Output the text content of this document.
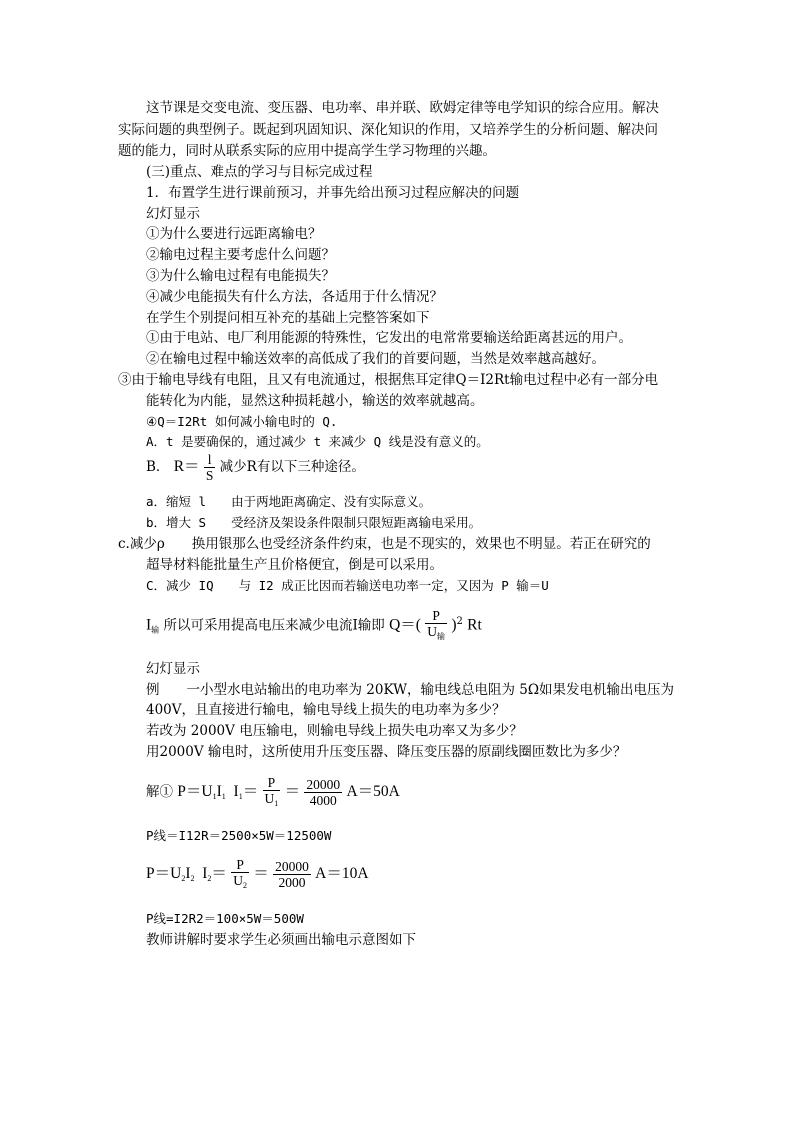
这节课是交变电流、变压器、电功率、串并联、欧姆定律等电学知识的综合应用。解决
实际问题的典型例子。既起到巩固知识、深化知识的作用，又培养学生的分析问题、解决问
题的能力，同时从联系实际的应用中提高学生学习物理的兴趣。
(三)重点、难点的学习与目标完成过程
1．布置学生进行课前预习，并事先给出预习过程应解决的问题
幻灯显示
①为什么要进行远距离输电？
②输电过程主要考虑什么问题？
③为什么输电过程有电能损失？
④减少电能损失有什么方法，各适用于什么情况？
在学生个别提问相互补充的基础上完整答案如下
①由于电站、电厂利用能源的特殊性，它发出的电常常要输送给距离甚远的用户。
②在输电过程中输送效率的高低成了我们的首要问题，当然是效率越高越好。
③由于输电导线有电阻，且又有电流通过，根据焦耳定律Q＝I2Rt输电过程中必有一部分电
能转化为内能，显然这种损耗越小，输送的效率就越高。
④Q＝I2Rt 如何减小输电时的 Q.
A．t 是要确保的，通过减少 t 来减少 Q 线是没有意义的。
B． $R= \frac{l}{S}$ 减少R有以下三种途径。
a．缩短 l　　由于两地距离确定、没有实际意义。
b．增大 S　　受经济及架设条件限制只限短距离输电采用。
c.减少ρ　　换用银那么也受经济条件约束，也是不现实的，效果也不明显。若正在研究的
超导材料能批量生产且价格便宜，倒是可以采用。
C．减少 IQ　　与 I2 成正比因而若输送电功率一定，又因为 P 输＝U
$I_输$ 所以可采用提高电压来减少电流I输即 $Q=( \frac{P}{U_输} )^2$ Rt
幻灯显示
例　　一小型水电站输出的电功率为 20KW，输电线总电阻为 5Ω如果发电机输出电压为
400V，且直接进行输电，输电导线上损失的电功率为多少？
若改为 2000V 电压输电，则输电导线上损失电功率又为多少？
用2000V 输电时，这所使用升压变压器、降压变压器的原副线圈匝数比为多少？
解① $P=U_1I_1$ $I_1= \frac{P}{U_1} = \frac{20000}{4000} A=50A$
P线＝I12R＝2500×5W＝12500W
$P=U_2I_2$ $I_2= \frac{P}{U_2} = \frac{20000}{2000} A=10A$
P线=I2R2＝100×5W＝500W
教师讲解时要求学生必须画出输电示意图如下
